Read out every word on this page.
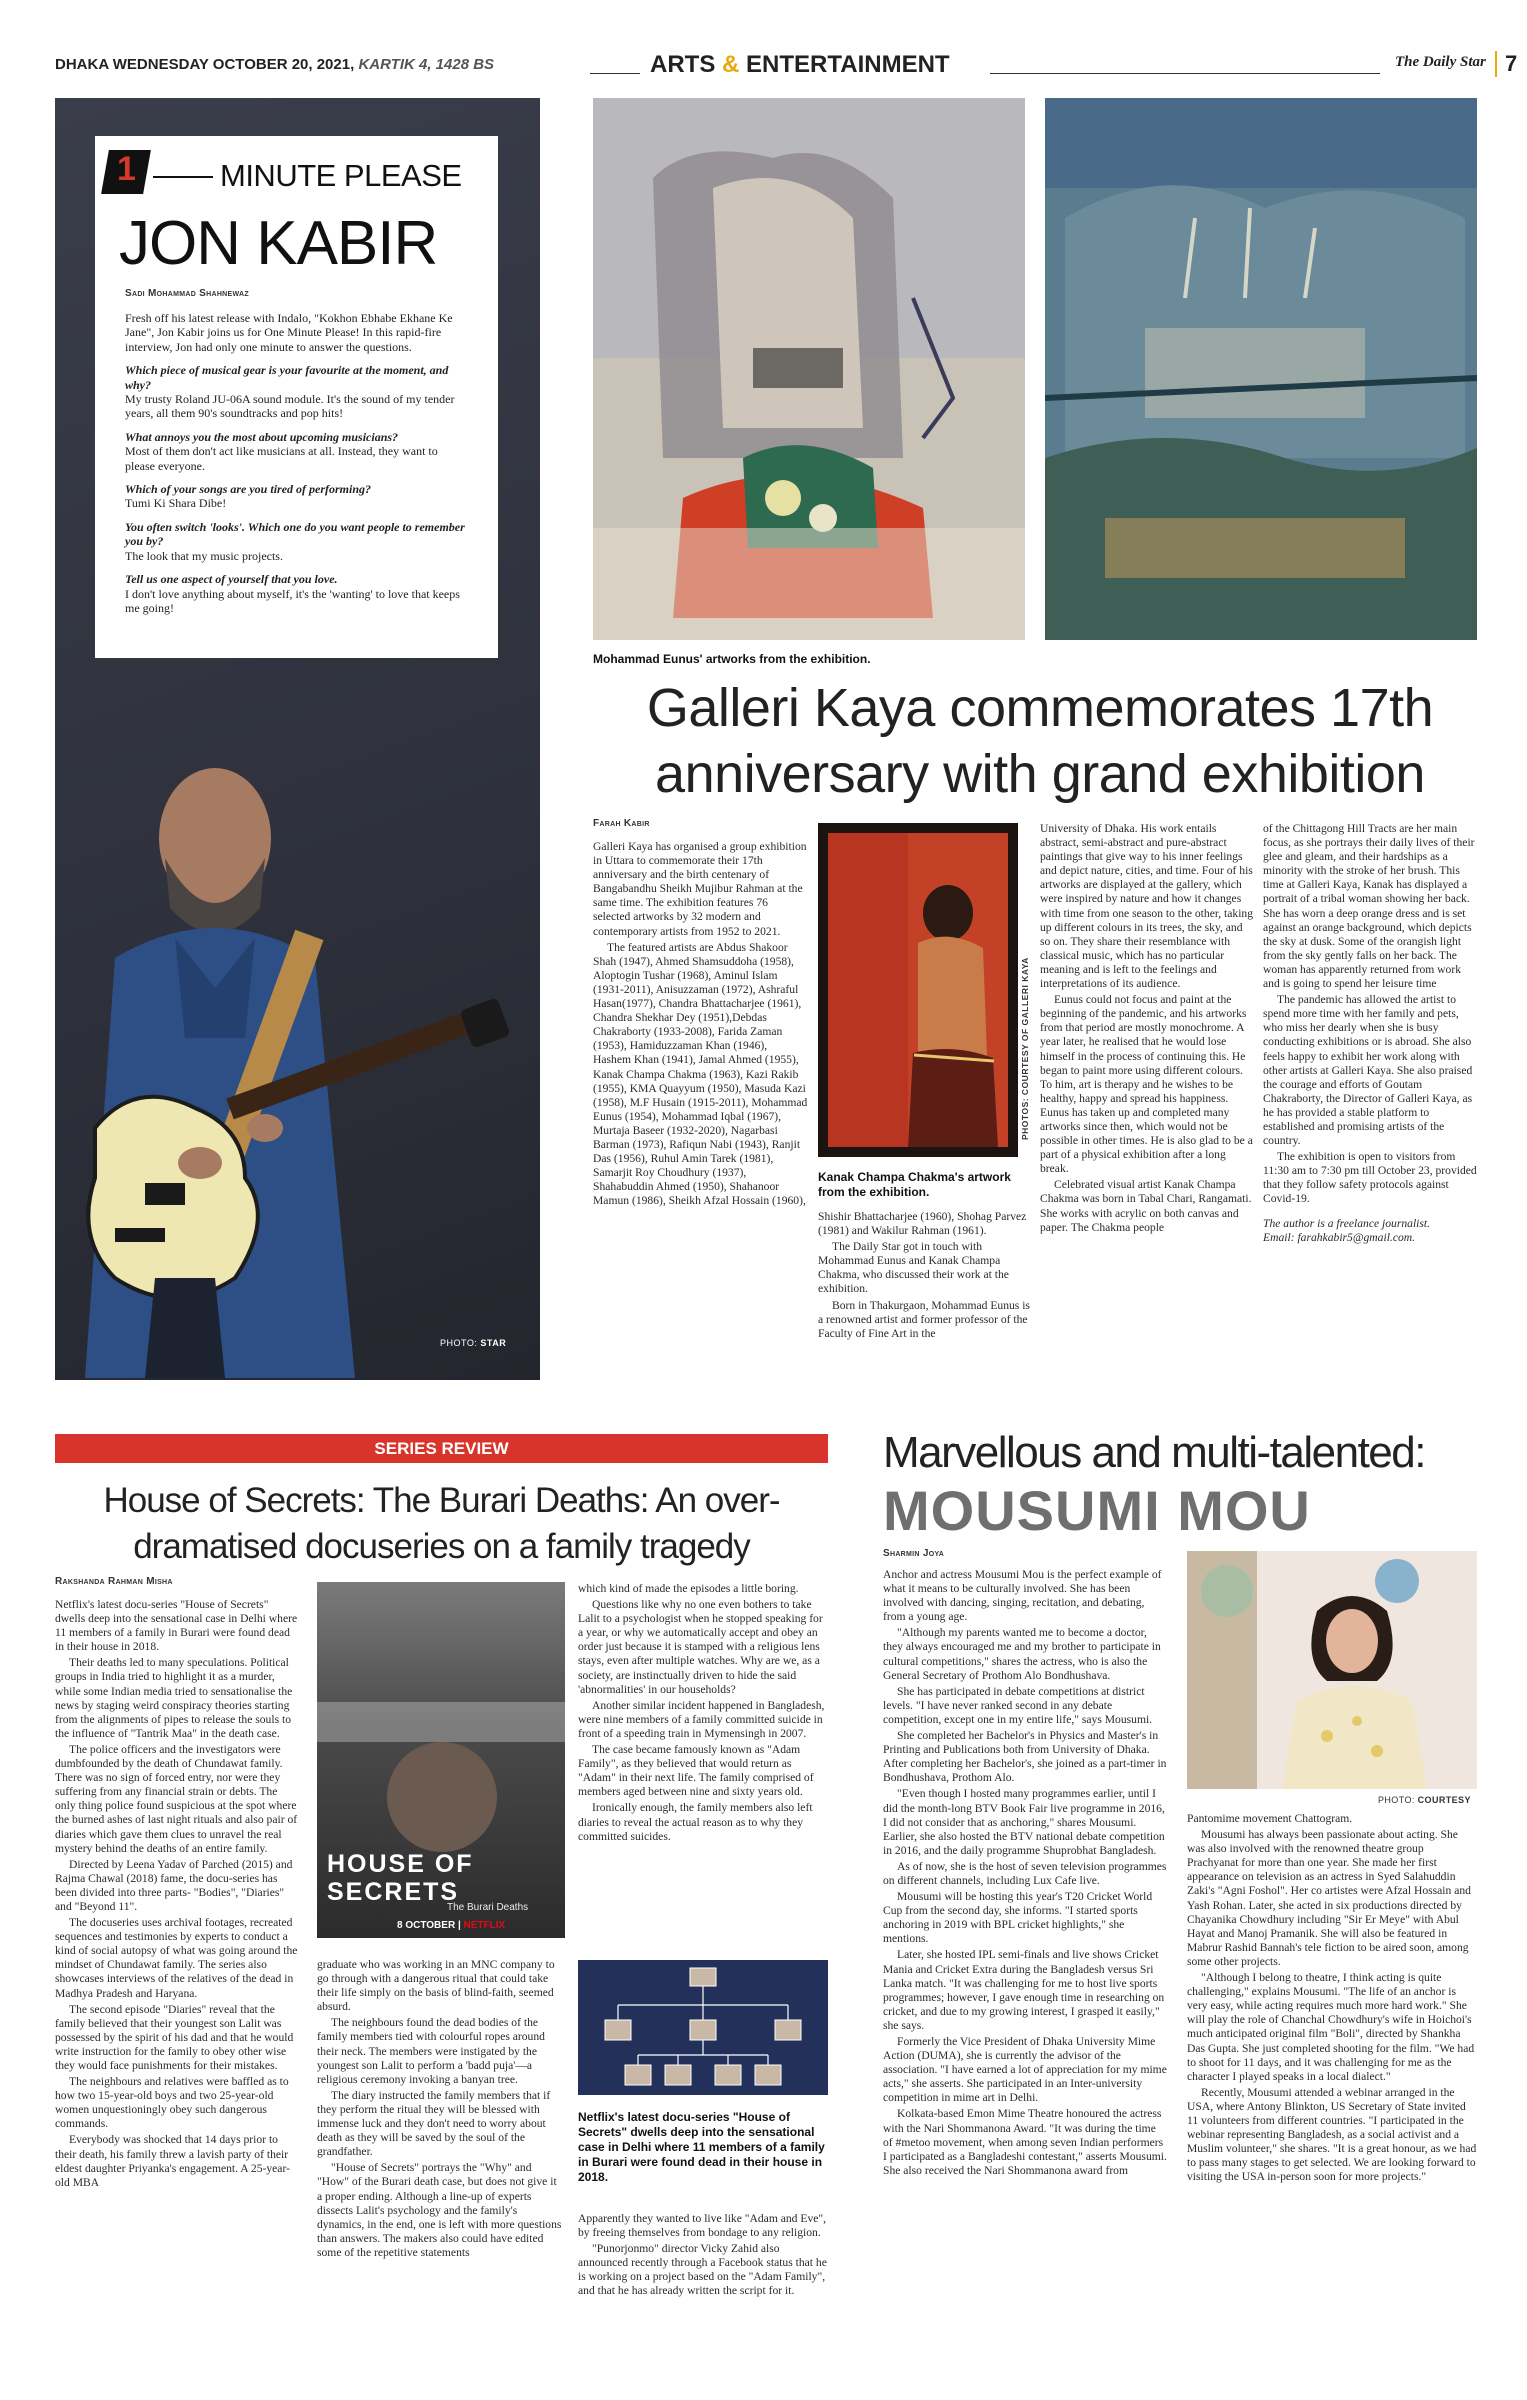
DHAKA WEDNESDAY OCTOBER 20, 2021, KARTIK 4, 1428 BS	ARTS & ENTERTAINMENT	The Daily Star 7
PHOTO: STAR
1	MINUTE PLEASE
JON KABIR
Sadi Mohammad Shahnewaz

Fresh off his latest release with Indalo, "Kokhon Ebhabe Ekhane Ke Jane", Jon Kabir joins us for One Minute Please! In this rapid-fire interview, Jon had only one minute to answer the questions.

Which piece of musical gear is your favourite at the moment, and why?
My trusty Roland JU-06A sound module. It's the sound of my tender years, all them 90's soundtracks and pop hits!

What annoys you the most about upcoming musicians?
Most of them don't act like musicians at all. Instead, they want to please everyone.

Which of your songs are you tired of performing?
Tumi Ki Shara Dibe!

You often switch 'looks'. Which one do you want people to remember you by?
The look that my music projects.

Tell us one aspect of yourself that you love.
I don't love anything about myself, it's the 'wanting' to love that keeps me going!

Mohammad Eunus' artworks from the exhibition.
Galleri Kaya commemorates 17th anniversary with grand exhibition
Farah Kabir

Galleri Kaya has organised a group exhibition in Uttara to commemorate their 17th anniversary and the birth centenary of Bangabandhu Sheikh Mujibur Rahman at the same time. The exhibition features 76 selected artworks by 32 modern and contemporary artists from 1952 to 2021.

The featured artists are Abdus Shakoor Shah (1947), Ahmed Shamsuddoha (1958), Aloptogin Tushar (1968), Aminul Islam (1931-2011), Anisuzzaman (1972), Ashraful Hasan(1977), Chandra Bhattacharjee (1961), Chandra Shekhar Dey (1951),Debdas Chakraborty (1933-2008), Farida Zaman (1953), Hamiduzzaman Khan (1946), Hashem Khan (1941), Jamal Ahmed (1955), Kanak Champa Chakma (1963), Kazi Rakib (1955), KMA Quayyum (1950), Masuda Kazi (1958), M.F Husain (1915-2011), Mohammad Eunus (1954), Mohammad Iqbal (1967), Murtaja Baseer (1932-2020), Nagarbasi Barman (1973), Rafiqun Nabi (1943), Ranjit Das (1956), Ruhul Amin Tarek (1981), Samarjit Roy Choudhury (1937), Shahabuddin Ahmed (1950), Shahanoor Mamun (1986), Sheikh Afzal Hossain (1960),

PHOTOS: COURTESY OF GALLERI KAYA
Kanak Champa Chakma's artwork from the exhibition.

Shishir Bhattacharjee (1960), Shohag Parvez (1981) and Wakilur Rahman (1961).

The Daily Star got in touch with Mohammad Eunus and Kanak Champa Chakma, who discussed their work at the exhibition.

Born in Thakurgaon, Mohammad Eunus is a renowned artist and former professor of the Faculty of Fine Art in the

University of Dhaka. His work entails abstract, semi-abstract and pure-abstract paintings that give way to his inner feelings and depict nature, cities, and time. Four of his artworks are displayed at the gallery, which were inspired by nature and how it changes with time from one season to the other, taking up different colours in its trees, the sky, and so on. They share their resemblance with classical music, which has no particular meaning and is left to the feelings and interpretations of its audience.

Eunus could not focus and paint at the beginning of the pandemic, and his artworks from that period are mostly monochrome. A year later, he realised that he would lose himself in the process of continuing this. He began to paint more using different colours. To him, art is therapy and he wishes to be healthy, happy and spread his happiness. Eunus has taken up and completed many artworks since then, which would not be possible in other times. He is also glad to be a part of a physical exhibition after a long break.

Celebrated visual artist Kanak Champa Chakma was born in Tabal Chari, Rangamati. She works with acrylic on both canvas and paper. The Chakma people

of the Chittagong Hill Tracts are her main focus, as she portrays their daily lives of their glee and gleam, and their hardships as a minority with the stroke of her brush. This time at Galleri Kaya, Kanak has displayed a portrait of a tribal woman showing her back. She has worn a deep orange dress and is set against an orange background, which depicts the sky at dusk. Some of the orangish light from the sky gently falls on her back. The woman has apparently returned from work and is going to spend her leisure time

The pandemic has allowed the artist to spend more time with her family and pets, who miss her dearly when she is busy conducting exhibitions or is abroad. She also feels happy to exhibit her work along with other artists at Galleri Kaya. She also praised the courage and efforts of Goutam Chakraborty, the Director of Galleri Kaya, as he has provided a stable platform to established and promising artists of the country.

The exhibition is open to visitors from 11:30 am to 7:30 pm till October 23, provided that they follow safety protocols against Covid-19.

The author is a freelance journalist.
Email: farahkabir5@gmail.com.

SERIES REVIEW
House of Secrets: The Burari Deaths: An over-dramatised docuseries on a family tragedy
Rakshanda Rahman Misha

Netflix's latest docu-series "House of Secrets" dwells deep into the sensational case in Delhi where 11 members of a family in Burari were found dead in their house in 2018.

Their deaths led to many speculations. Political groups in India tried to highlight it as a murder, while some Indian media tried to sensationalise the news by staging weird conspiracy theories starting from the alignments of pipes to release the souls to the influence of "Tantrik Maa" in the death case.

The police officers and the investigators were dumbfounded by the death of Chundawat family. There was no sign of forced entry, nor were they suffering from any financial strain or debts. The only thing police found suspicious at the spot where the burned ashes of last night rituals and also pair of diaries which gave them clues to unravel the real mystery behind the deaths of an entire family.

Directed by Leena Yadav of Parched (2015) and Rajma Chawal (2018) fame, the docu-series has been divided into three parts- "Bodies", "Diaries" and "Beyond 11".

The docuseries uses archival footages, recreated sequences and testimonies by experts to conduct a kind of social autopsy of what was going around the mindset of Chundawat family. The series also showcases interviews of the relatives of the dead in Madhya Pradesh and Haryana.

The second episode "Diaries" reveal that the family believed that their youngest son Lalit was possessed by the spirit of his dad and that he would write instruction for the family to obey other wise they would face punishments for their mistakes.

The neighbours and relatives were baffled as to how two 15-year-old boys and two 25-year-old women unquestioningly obey such dangerous commands.

Everybody was shocked that 14 days prior to their death, his family threw a lavish party of their eldest daughter Priyanka's engagement. A 25-year-old MBA

HOUSE OF SECRETS
The Burari Deaths
8 OCTOBER | NETFLIX

graduate who was working in an MNC company to go through with a dangerous ritual that could take their life simply on the basis of blind-faith, seemed absurd.

The neighbours found the dead bodies of the family members tied with colourful ropes around their neck. The members were instigated by the youngest son Lalit to perform a 'badd puja'—a religious ceremony invoking a banyan tree.

The diary instructed the family members that if they perform the ritual they will be blessed with immense luck and they don't need to worry about death as they will be saved by the soul of the grandfather.

"House of Secrets" portrays the "Why" and "How" of the Burari death case, but does not give it a proper ending. Although a line-up of experts dissects Lalit's psychology and the family's dynamics, in the end, one is left with more questions than answers. The makers also could have edited some of the repetitive statements

which kind of made the episodes a little boring.

Questions like why no one even bothers to take Lalit to a psychologist when he stopped speaking for a year, or why we automatically accept and obey an order just because it is stamped with a religious lens stays, even after multiple watches. Why are we, as a society, are instinctually driven to hide the said 'abnormalities' in our households?

Another similar incident happened in Bangladesh, were nine members of a family committed suicide in front of a speeding train in Mymensingh in 2007.

The case became famously known as "Adam Family", as they believed that would return as "Adam" in their next life. The family comprised of members aged between nine and sixty years old.

Ironically enough, the family members also left diaries to reveal the actual reason as to why they committed suicides.

Netflix's latest docu-series "House of Secrets" dwells deep into the sensational case in Delhi where 11 members of a family in Burari were found dead in their house in 2018.

Apparently they wanted to live like "Adam and Eve", by freeing themselves from bondage to any religion.

"Punorjonmo" director Vicky Zahid also announced recently through a Facebook status that he is working on a project based on the "Adam Family", and that he has already written the script for it.

Marvellous and multi-talented:
MOUSUMI MOU
Sharmin Joya

Anchor and actress Mousumi Mou is the perfect example of what it means to be culturally involved. She has been involved with dancing, singing, recitation, and debating, from a young age.

"Although my parents wanted me to become a doctor, they always encouraged me and my brother to participate in cultural competitions," shares the actress, who is also the General Secretary of Prothom Alo Bondhushava.

She has participated in debate competitions at district levels. "I have never ranked second in any debate competition, except one in my entire life," says Mousumi.

She completed her Bachelor's in Physics and Master's in Printing and Publications both from University of Dhaka. After completing her Bachelor's, she joined as a part-timer in Bondhushava, Prothom Alo.

"Even though I hosted many programmes earlier, until I did the month-long BTV Book Fair live programme in 2016, I did not consider that as anchoring," shares Mousumi. Earlier, she also hosted the BTV national debate competition in 2016, and the daily programme Shuprobhat Bangladesh.

As of now, she is the host of seven television programmes on different channels, including Lux Cafe live.

Mousumi will be hosting this year's T20 Cricket World Cup from the second day, she informs. "I started sports anchoring in 2019 with BPL cricket highlights," she mentions.

Later, she hosted IPL semi-finals and live shows Cricket Mania and Cricket Extra during the Bangladesh versus Sri Lanka match. "It was challenging for me to host live sports programmes; however, I gave enough time in researching on cricket, and due to my growing interest, I grasped it easily," she says.

Formerly the Vice President of Dhaka University Mime Action (DUMA), she is currently the advisor of the association. "I have earned a lot of appreciation for my mime acts," she asserts. She participated in an Inter-university competition in mime art in Delhi.

Kolkata-based Emon Mime Theatre honoured the actress with the Nari Shommanona Award. "It was during the time of #metoo movement, when among seven Indian performers I participated as a Bangladeshi contestant," asserts Mousumi. She also received the Nari Shommanona award from

PHOTO: COURTESY

Pantomime movement Chattogram.

Mousumi has always been passionate about acting. She was also involved with the renowned theatre group Prachyanat for more than one year. She made her first appearance on television as an actress in Syed Salahuddin Zaki's "Agni Foshol". Her co artistes were Afzal Hossain and Yash Rohan. Later, she acted in six productions directed by Chayanika Chowdhury including "Sir Er Meye" with Abul Hayat and Manoj Pramanik. She will also be featured in Mabrur Rashid Bannah's tele fiction to be aired soon, among some other projects.

"Although I belong to theatre, I think acting is quite challenging," explains Mousumi. "The life of an anchor is very easy, while acting requires much more hard work." She will play the role of Chanchal Chowdhury's wife in Hoichoi's much anticipated original film "Boli", directed by Shankha Das Gupta. She just completed shooting for the film. "We had to shoot for 11 days, and it was challenging for me as the character I played speaks in a local dialect."

Recently, Mousumi attended a webinar arranged in the USA, where Antony Blinkton, US Secretary of State invited 11 volunteers from different countries. "I participated in the webinar representing Bangladesh, as a social activist and a Muslim volunteer," she shares. "It is a great honour, as we had to pass many stages to get selected. We are looking forward to visiting the USA in-person soon for more projects."
